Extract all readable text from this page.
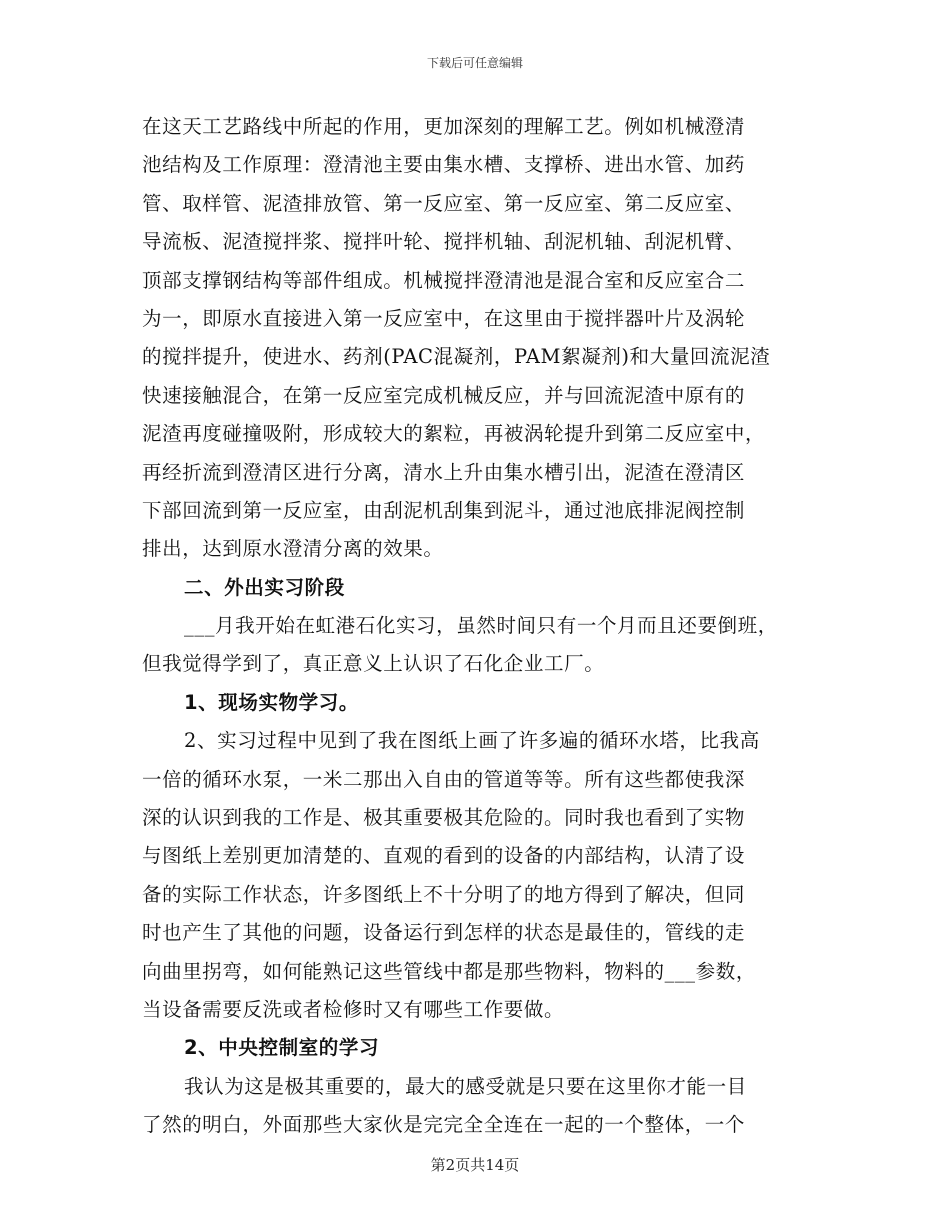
下载后可任意编辑
在这天工艺路线中所起的作用，更加深刻的理解工艺。例如机械澄清
池结构及工作原理：澄清池主要由集水槽、支撑桥、进出水管、加药
管、取样管、泥渣排放管、第一反应室、第一反应室、第二反应室、
导流板、泥渣搅拌浆、搅拌叶轮、搅拌机轴、刮泥机轴、刮泥机臂、
顶部支撑钢结构等部件组成。机械搅拌澄清池是混合室和反应室合二
为一，即原水直接进入第一反应室中，在这里由于搅拌器叶片及涡轮
的搅拌提升，使进水、药剂(PAC混凝剂，PAM絮凝剂)和大量回流泥渣
快速接触混合，在第一反应室完成机械反应，并与回流泥渣中原有的
泥渣再度碰撞吸附，形成较大的絮粒，再被涡轮提升到第二反应室中，
再经折流到澄清区进行分离，清水上升由集水槽引出，泥渣在澄清区
下部回流到第一反应室，由刮泥机刮集到泥斗，通过池底排泥阀控制
排出，达到原水澄清分离的效果。
二、外出实习阶段
___月我开始在虹港石化实习，虽然时间只有一个月而且还要倒班，
但我觉得学到了，真正意义上认识了石化企业工厂。
1、现场实物学习。
2、实习过程中见到了我在图纸上画了许多遍的循环水塔，比我高
一倍的循环水泵，一米二那出入自由的管道等等。所有这些都使我深
深的认识到我的工作是、极其重要极其危险的。同时我也看到了实物
与图纸上差别更加清楚的、直观的看到的设备的内部结构，认清了设
备的实际工作状态，许多图纸上不十分明了的地方得到了解决，但同
时也产生了其他的问题，设备运行到怎样的状态是最佳的，管线的走
向曲里拐弯，如何能熟记这些管线中都是那些物料，物料的___参数，
当设备需要反洗或者检修时又有哪些工作要做。
2、中央控制室的学习
我认为这是极其重要的，最大的感受就是只要在这里你才能一目
了然的明白，外面那些大家伙是完完全全连在一起的一个整体，一个
第2页共14页
